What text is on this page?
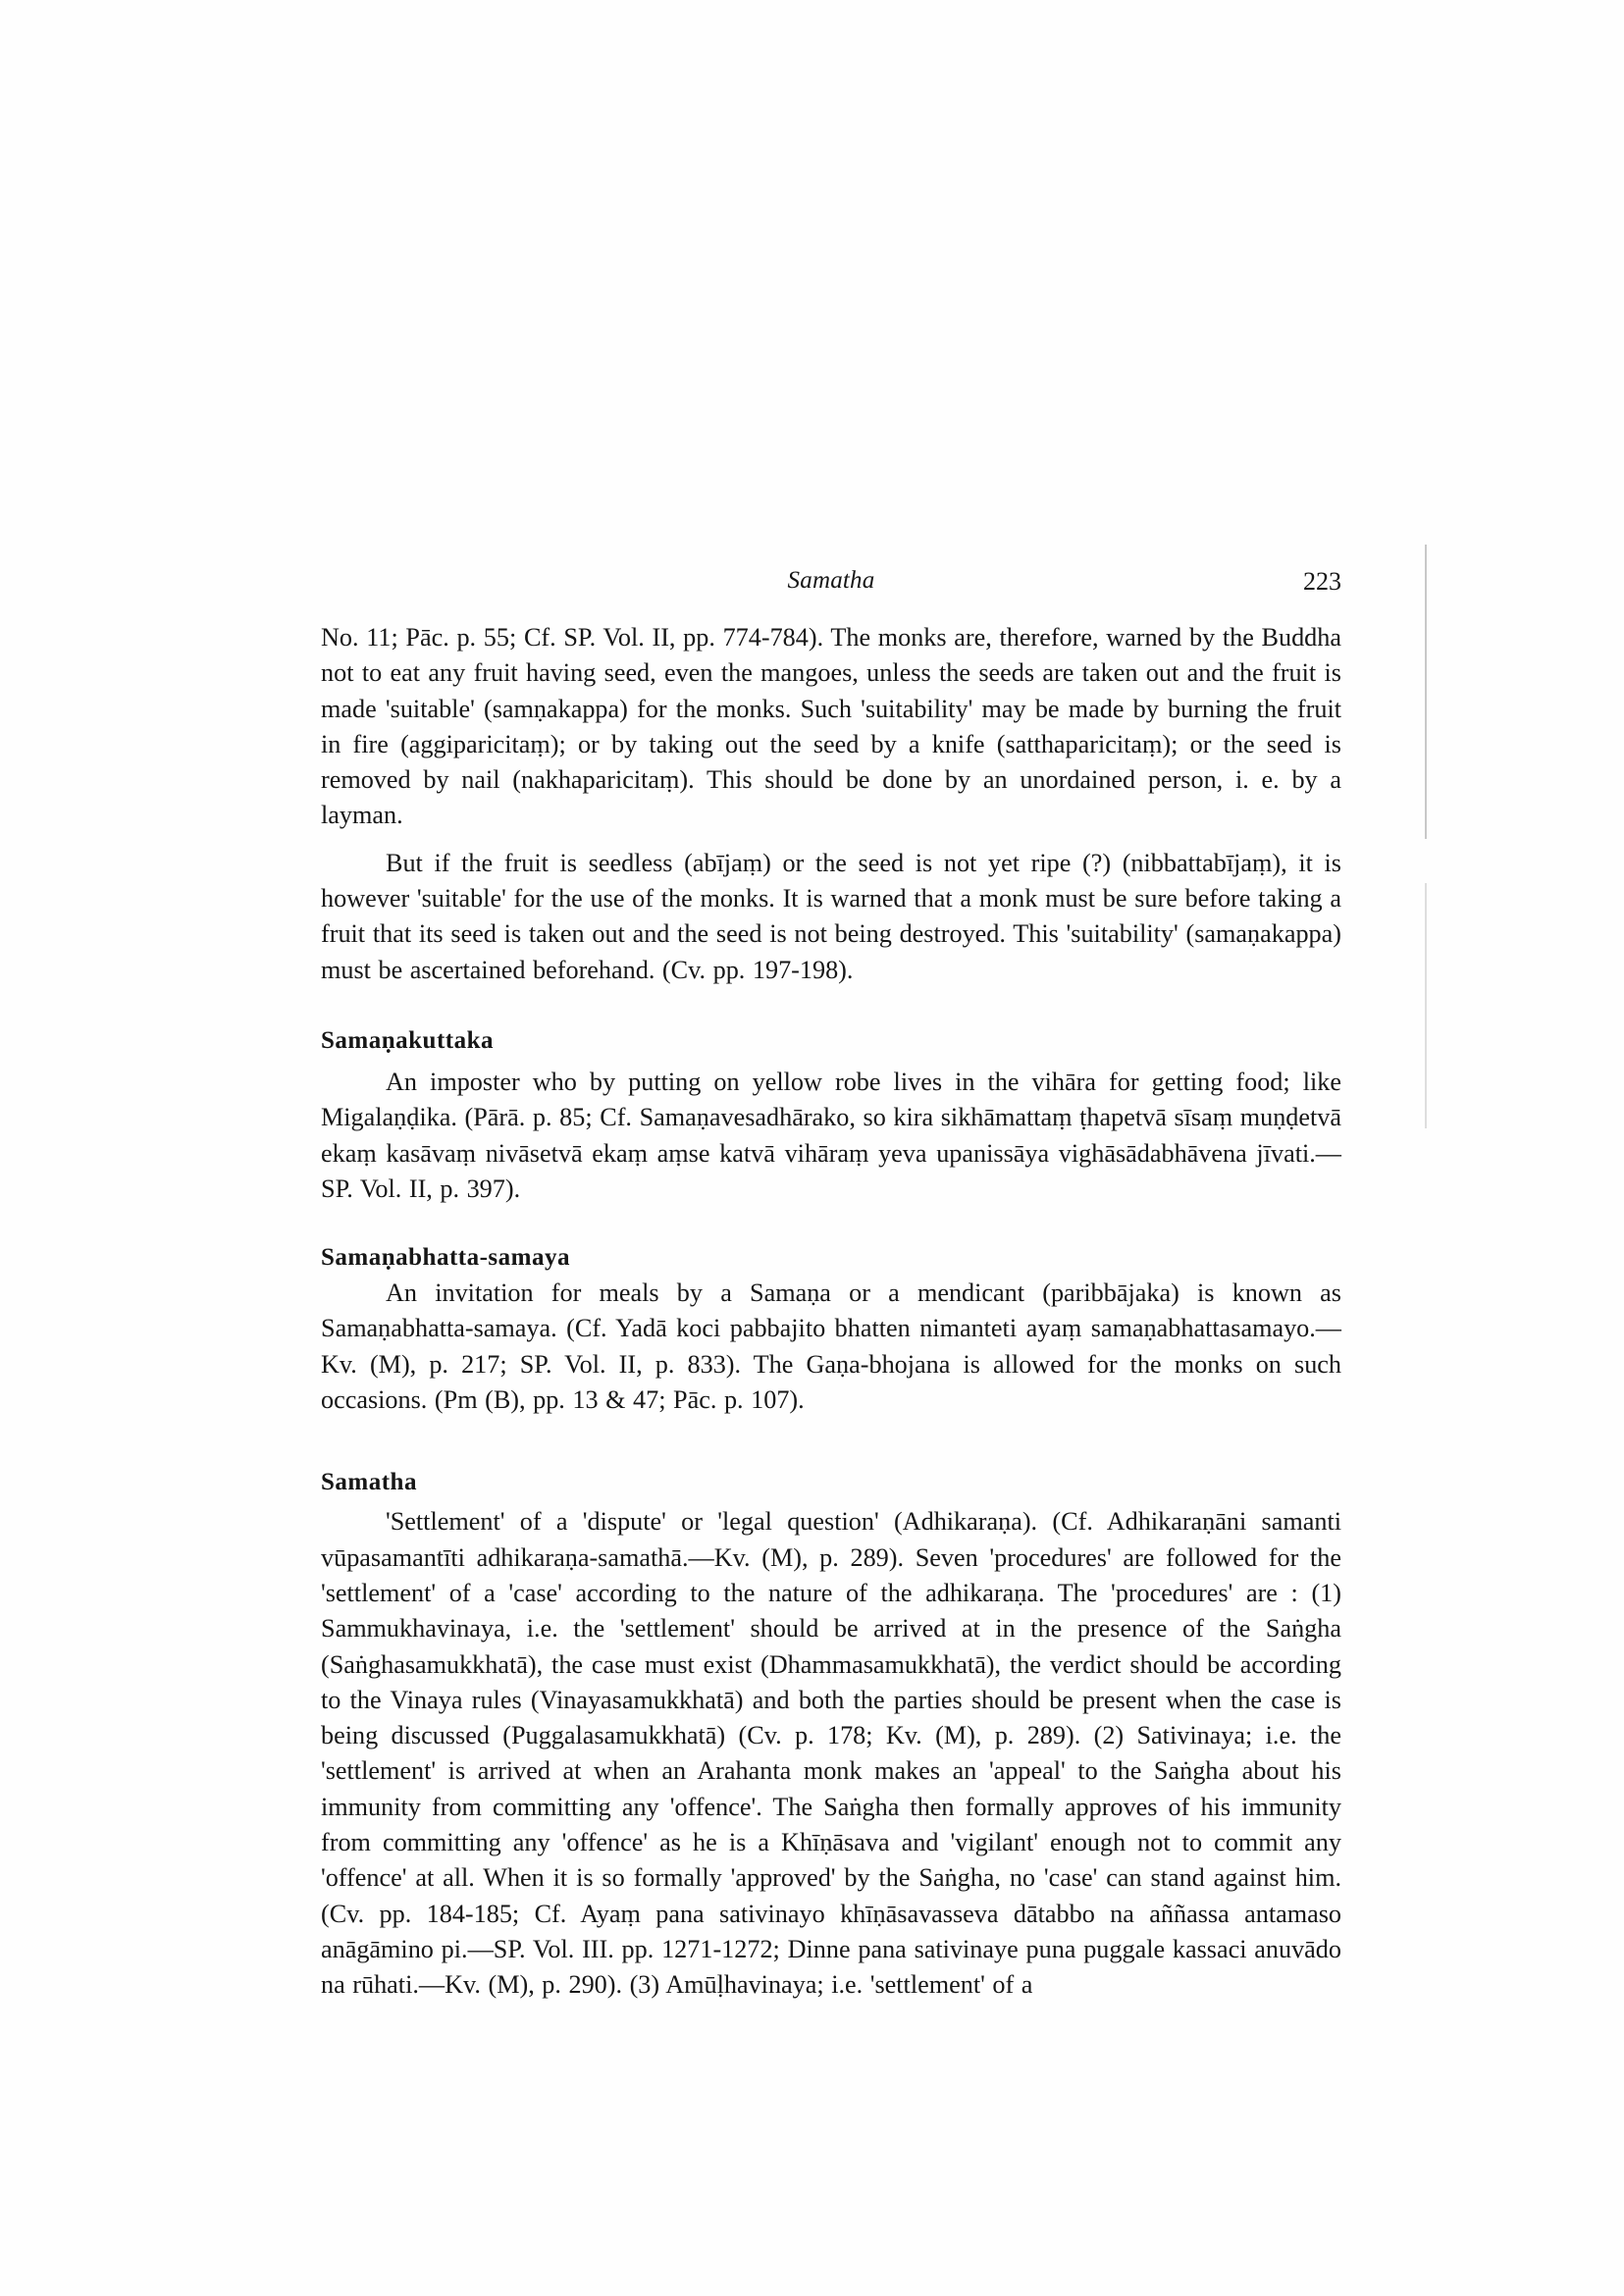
Samatha	223

No. 11; Pāc. p. 55; Cf. SP. Vol. II, pp. 774-784). The monks are, therefore, warned by the Buddha not to eat any fruit having seed, even the mangoes, unless the seeds are taken out and the fruit is made 'suitable' (samṇakappa) for the monks. Such 'suitability' may be made by burning the fruit in fire (aggiparicitaṃ); or by taking out the seed by a knife (satthaparicitaṃ); or the seed is removed by nail (nakhaparicitaṃ). This should be done by an unordained person, i. e. by a layman.

But if the fruit is seedless (abījaṃ) or the seed is not yet ripe (?) (nibbattabījaṃ), it is however 'suitable' for the use of the monks. It is warned that a monk must be sure before taking a fruit that its seed is taken out and the seed is not being destroyed. This 'suitability' (samaṇakappa) must be ascertained beforehand. (Cv. pp. 197-198).

Samaṇakuttaka

An imposter who by putting on yellow robe lives in the vihāra for getting food; like Migalaṇḍika. (Pārā. p. 85; Cf. Samaṇavesadhārako, so kira sikhāmattaṃ ṭhapetvā sīsaṃ muṇḍetvā ekaṃ kasāvaṃ nivāsetvā ekaṃ aṃse katvā vihāraṃ yeva upanissāya vighāsādabhāvena jīvati.—SP. Vol. II, p. 397).

Samaṇabhatta-samaya

An invitation for meals by a Samaṇa or a mendicant (paribbājaka) is known as Samaṇabhatta-samaya. (Cf. Yadā koci pabbajito bhatten nimanteti ayaṃ samaṇabhattasamayo.—Kv. (M), p. 217; SP. Vol. II, p. 833). The Gaṇa-bhojana is allowed for the monks on such occasions. (Pm (B), pp. 13 & 47; Pāc. p. 107).

Samatha

'Settlement' of a 'dispute' or 'legal question' (Adhikaraṇa). (Cf. Adhikaraṇāni samanti vūpasamantīti adhikaraṇa-samathā.—Kv. (M), p. 289). Seven 'procedures' are followed for the 'settlement' of a 'case' according to the nature of the adhikaraṇa. The 'procedures' are : (1) Sammukhavinaya, i.e. the 'settlement' should be arrived at in the presence of the Saṅgha (Saṅghasamukkhatā), the case must exist (Dhammasamukkhatā), the verdict should be according to the Vinaya rules (Vinayasamukkhatā) and both the parties should be present when the case is being discussed (Puggalasamukkhatā) (Cv. p. 178; Kv. (M), p. 289). (2) Sativinaya; i.e. the 'settlement' is arrived at when an Arahanta monk makes an 'appeal' to the Saṅgha about his immunity from committing any 'offence'. The Saṅgha then formally approves of his immunity from committing any 'offence' as he is a Khīṇāsava and 'vigilant' enough not to commit any 'offence' at all. When it is so formally 'approved' by the Saṅgha, no 'case' can stand against him. (Cv. pp. 184-185; Cf. Ayaṃ pana sativinayo khīṇāsavasseva dātabbo na aññassa antamaso anāgāmino pi.—SP. Vol. III. pp. 1271-1272; Dinne pana sativinaye puna puggale kassaci anuvādo na rūhati.—Kv. (M), p. 290). (3) Amūḷhavinaya; i.e. 'settlement' of a
